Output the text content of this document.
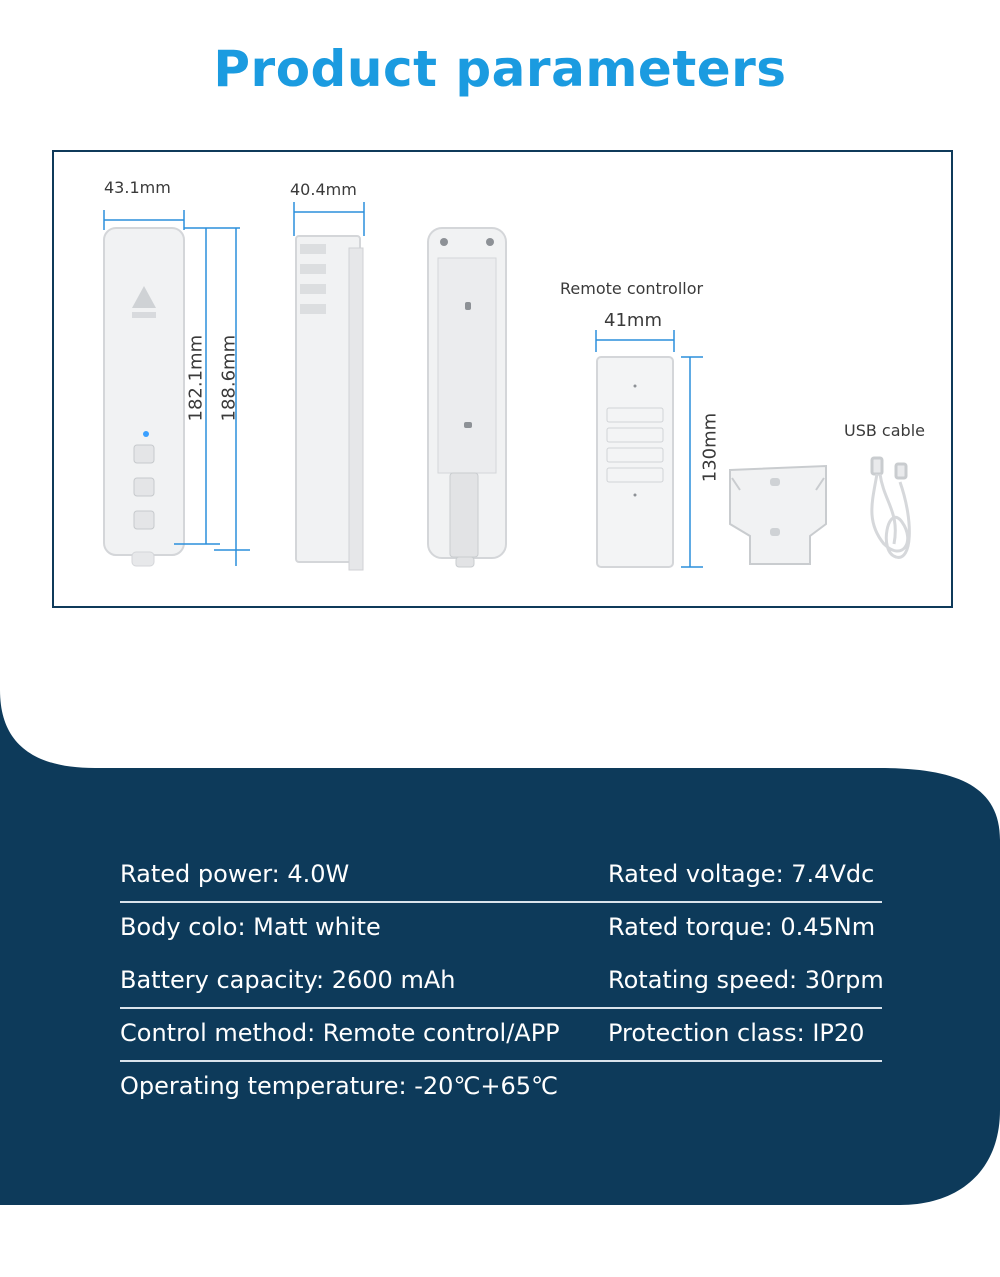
Product parameters
43.1mm	40.4mm
182.1mm 188.6mm
Remote controllor
41mm
130mm	USB cable
Rated power: 4.0W	Rated voltage: 7.4Vdc
Body colo: Matt white	Rated torque: 0.45Nm
Battery capacity: 2600 mAh	Rotating speed: 30rpm
Control method: Remote control/APP Protection class: IP20
Operating temperature: -20℃+65℃
